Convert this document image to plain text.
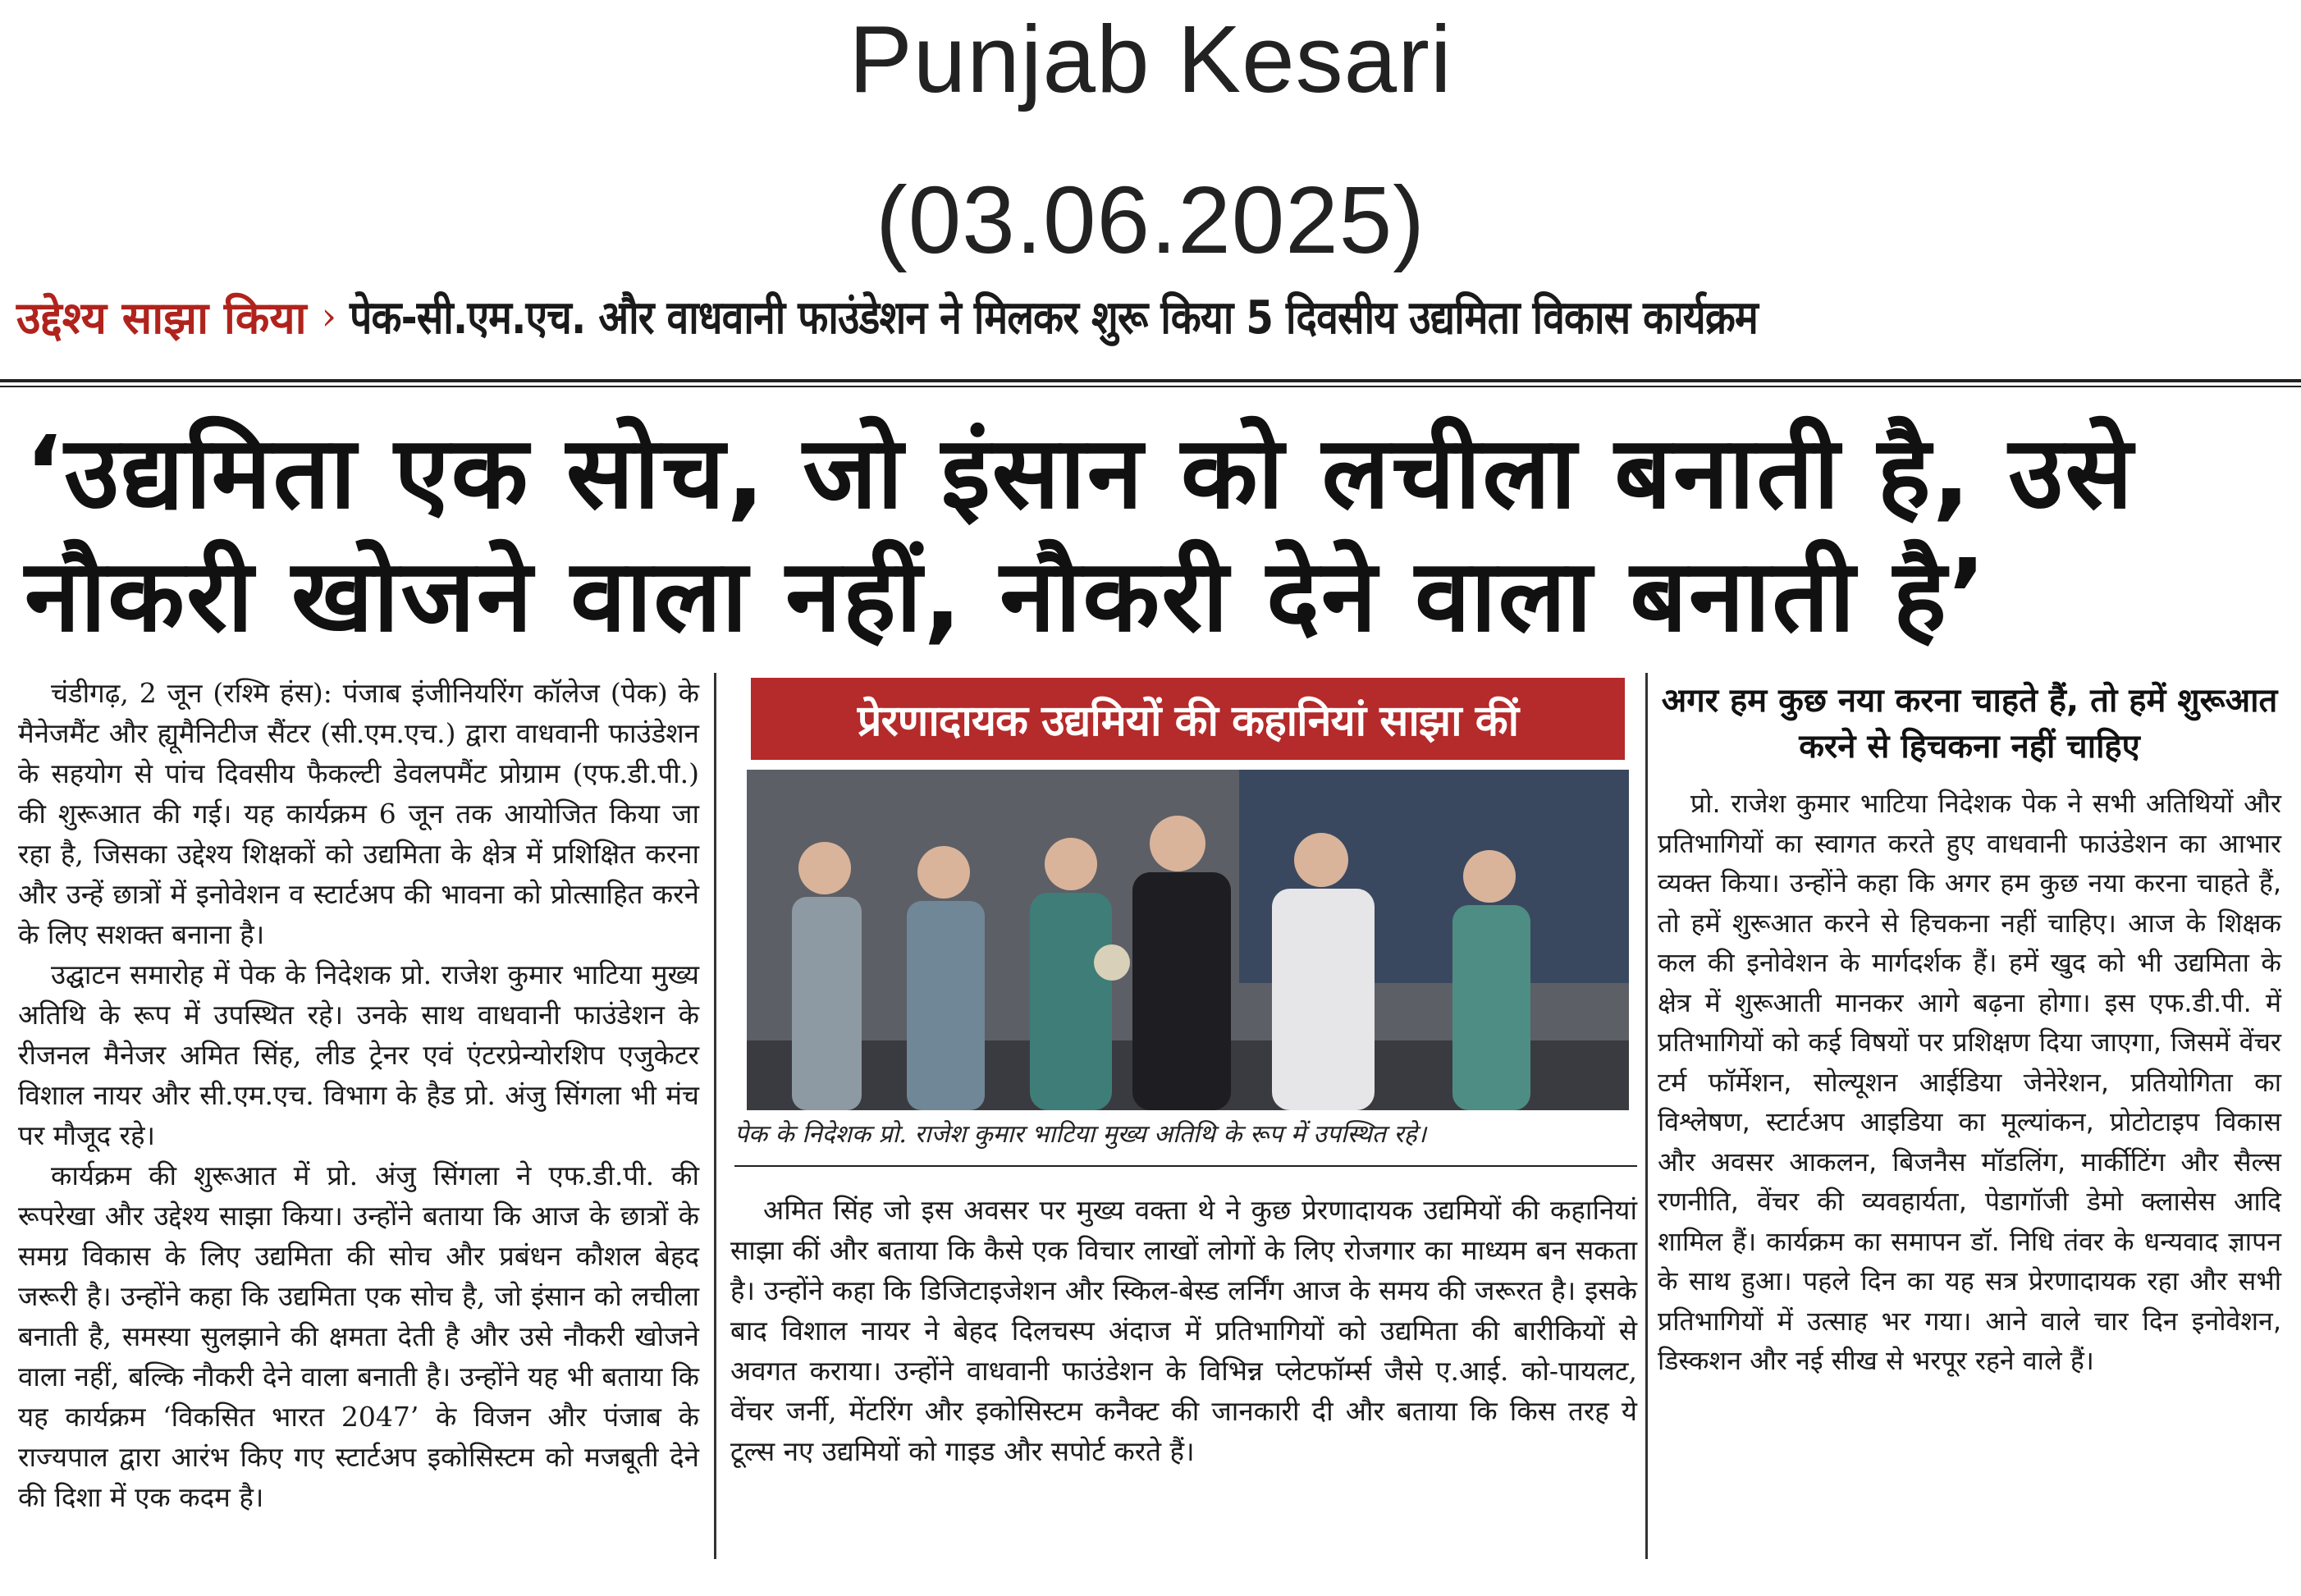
Punjab Kesari
(03.06.2025)
उद्देश्य साझा किया › पेक-सी.एम.एच. और वाधवानी फाउंडेशन ने मिलकर शुरू किया 5 दिवसीय उद्यमिता विकास कार्यक्रम
‘उद्यमिता एक सोच, जो इंसान को लचीला बनाती है, उसे
नौकरी खोजने वाला नहीं, नौकरी देने वाला बनाती है’

चंडीगढ़, 2 जून (रश्मि हंस): पंजाब इंजीनियरिंग कॉलेज (पेक) के मैनेजमैंट और ह्यूमैनिटीज सैंटर (सी.एम.एच.) द्वारा वाधवानी फाउंडेशन के सहयोग से पांच दिवसीय फैकल्टी डेवलपमैंट प्रोग्राम (एफ.डी.पी.) की शुरूआत की गई। यह कार्यक्रम 6 जून तक आयोजित किया जा रहा है, जिसका उद्देश्य शिक्षकों को उद्यमिता के क्षेत्र में प्रशिक्षित करना और उन्हें छात्रों में इनोवेशन व स्टार्टअप की भावना को प्रोत्साहित करने के लिए सशक्त बनाना है।

उद्घाटन समारोह में पेक के निदेशक प्रो. राजेश कुमार भाटिया मुख्य अतिथि के रूप में उपस्थित रहे। उनके साथ वाधवानी फाउंडेशन के रीजनल मैनेजर अमित सिंह, लीड ट्रेनर एवं एंटरप्रेन्योरशिप एजुकेटर विशाल नायर और सी.एम.एच. विभाग के हैड प्रो. अंजु सिंगला भी मंच पर मौजूद रहे।

कार्यक्रम की शुरूआत में प्रो. अंजु सिंगला ने एफ.डी.पी. की रूपरेखा और उद्देश्य साझा किया। उन्होंने बताया कि आज के छात्रों के समग्र विकास के लिए उद्यमिता की सोच और प्रबंधन कौशल बेहद जरूरी है। उन्होंने कहा कि उद्यमिता एक सोच है, जो इंसान को लचीला बनाती है, समस्या सुलझाने की क्षमता देती है और उसे नौकरी खोजने वाला नहीं, बल्कि नौकरी देने वाला बनाती है। उन्होंने यह भी बताया कि यह कार्यक्रम ‘विकसित भारत 2047’ के विजन और पंजाब के राज्यपाल द्वारा आरंभ किए गए स्टार्टअप इकोसिस्टम को मजबूती देने की दिशा में एक कदम है।

प्रेरणादायक उद्यमियों की कहानियां साझा कीं
पेक के निदेशक प्रो. राजेश कुमार भाटिया मुख्य अतिथि के रूप में उपस्थित रहे।

अमित सिंह जो इस अवसर पर मुख्य वक्ता थे ने कुछ प्रेरणादायक उद्यमियों की कहानियां साझा कीं और बताया कि कैसे एक विचार लाखों लोगों के लिए रोजगार का माध्यम बन सकता है। उन्होंने कहा कि डिजिटाइजेशन और स्किल-बेस्ड लर्निंग आज के समय की जरूरत है। इसके बाद विशाल नायर ने बेहद दिलचस्प अंदाज में प्रतिभागियों को उद्यमिता की बारीकियों से अवगत कराया। उन्होंने वाधवानी फाउंडेशन के विभिन्न प्लेटफॉर्म्स जैसे ए.आई. को-पायलट, वेंचर जर्नी, मेंटरिंग और इकोसिस्टम कनैक्ट की जानकारी दी और बताया कि किस तरह ये टूल्स नए उद्यमियों को गाइड और सपोर्ट करते हैं।

अगर हम कुछ नया करना चाहते हैं, तो हमें शुरूआत करने से हिचकना नहीं चाहिए

प्रो. राजेश कुमार भाटिया निदेशक पेक ने सभी अतिथियों और प्रतिभागियों का स्वागत करते हुए वाधवानी फाउंडेशन का आभार व्यक्त किया। उन्होंने कहा कि अगर हम कुछ नया करना चाहते हैं, तो हमें शुरूआत करने से हिचकना नहीं चाहिए। आज के शिक्षक कल की इनोवेशन के मार्गदर्शक हैं। हमें खुद को भी उद्यमिता के क्षेत्र में शुरूआती मानकर आगे बढ़ना होगा। इस एफ.डी.पी. में प्रतिभागियों को कई विषयों पर प्रशिक्षण दिया जाएगा, जिसमें वेंचर टर्म फॉर्मेशन, सोल्यूशन आईडिया जेनेरेशन, प्रतियोगिता का विश्लेषण, स्टार्टअप आइडिया का मूल्यांकन, प्रोटोटाइप विकास और अवसर आकलन, बिजनैस मॉडलिंग, मार्कीटिंग और सैल्स रणनीति, वेंचर की व्यवहार्यता, पेडागॉजी डेमो क्लासेस आदि शामिल हैं। कार्यक्रम का समापन डॉ. निधि तंवर के धन्यवाद ज्ञापन के साथ हुआ। पहले दिन का यह सत्र प्रेरणादायक रहा और सभी प्रतिभागियों में उत्साह भर गया। आने वाले चार दिन इनोवेशन, डिस्कशन और नई सीख से भरपूर रहने वाले हैं।
